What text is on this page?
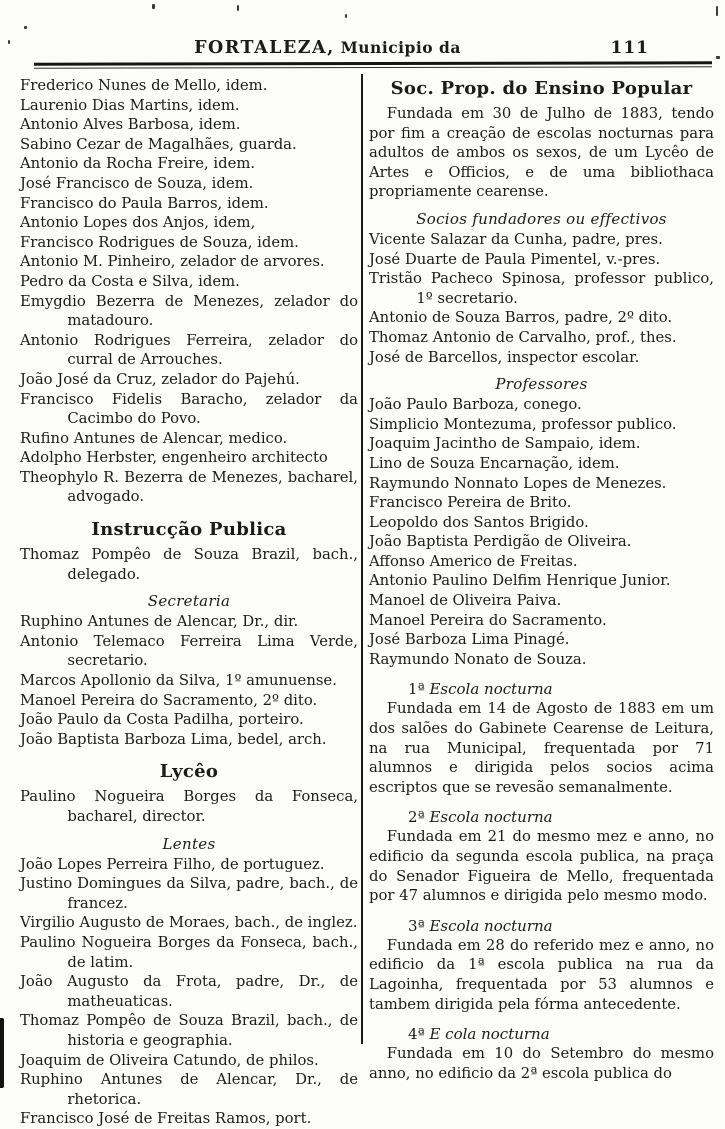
FORTALEZA, Municipio da	111

Frederico Nunes de Mello, idem.

Laurenio Dias Martins, idem.

Antonio Alves Barbosa, idem.

Sabino Cezar de Magalhães, guarda.

Antonio da Rocha Freire, idem.

José Francisco de Souza, idem.

Francisco do Paula Barros, idem.

Antonio Lopes dos Anjos, idem,

Francisco Rodrigues de Souza, idem.

Antonio M. Pinheiro, zelador de arvores.

Pedro da Costa e Silva, idem.

Emygdio Bezerra de Menezes, zelador do matadouro.

Antonio Rodrigues Ferreira, zelador do curral de Arrouches.

João José da Cruz, zelador do Pajehú.

Francisco Fidelis Baracho, zelador da Cacimbo do Povo.

Rufino Antunes de Alencar, medico.

Adolpho Herbster, engenheiro architecto

Theophylo R. Bezerra de Menezes, bacharel, advogado.

Instrucção Publica

Thomaz Pompêo de Souza Brazil, bach., delegado.

Secretaria

Ruphino Antunes de Alencar, Dr., dir.

Antonio Telemaco Ferreira Lima Verde, secretario.

Marcos Apollonio da Silva, 1º amunuense.

Manoel Pereira do Sacramento, 2º dito.

João Paulo da Costa Padilha, porteiro.

João Baptista Barboza Lima, bedel, arch.

Lycêo

Paulino Nogueira Borges da Fonseca, bacharel, director.

Lentes

João Lopes Perreira Filho, de portuguez.

Justino Domingues da Silva, padre, bach., de francez.

Virgilio Augusto de Moraes, bach., de inglez.

Paulino Nogueira Borges da Fonseca, bach., de latim.

João Augusto da Frota, padre, Dr., de matheuaticas.

Thomaz Pompêo de Souza Brazil, bach., de historia e geographia.

Joaquim de Oliveira Catundo, de philos.

Ruphino Antunes de Alencar, Dr., de rhetorica.

Francisco José de Freitas Ramos, port.

Soc. Prop. do Ensino Popular

Fundada em 30 de Julho de 1883, tendo por fim a creação de escolas nocturnas para adultos de ambos os sexos, de um Lycêo de Artes e Officios, e de uma bibliothaca propriamente cearense.

Socios fundadores ou effectivos

Vicente Salazar da Cunha, padre, pres.

José Duarte de Paula Pimentel, v.-pres.

Tristão Pacheco Spinosa, professor publico, 1º secretario.

Antonio de Souza Barros, padre, 2º dito.

Thomaz Antonio de Carvalho, prof., thes.

José de Barcellos, inspector escolar.

Professores

João Paulo Barboza, conego.

Simplicio Montezuma, professor publico.

Joaquim Jacintho de Sampaio, idem.

Lino de Souza Encarnação, idem.

Raymundo Nonnato Lopes de Menezes.

Francisco Pereira de Brito.

Leopoldo dos Santos Brigido.

João Baptista Perdigão de Oliveira.

Affonso Americo de Freitas.

Antonio Paulino Delfim Henrique Junior.

Manoel de Oliveira Paiva.

Manoel Pereira do Sacramento.

José Barboza Lima Pinagé.

Raymundo Nonato de Souza.

1ª Escola nocturna

Fundada em 14 de Agosto de 1883 em um dos salões do Gabinete Cearense de Leitura, na rua Municipal, frequentada por 71 alumnos e dirigida pelos socios acima escriptos que se revesão semanalmente.

2ª Escola nocturna

Fundada em 21 do mesmo mez e anno, no edificio da segunda escola publica, na praça do Senador Figueira de Mello, frequentada por 47 alumnos e dirigida pelo mesmo modo.

3ª Escola nocturna

Fundada em 28 do referido mez e anno, no edificio da 1ª escola publica na rua da Lagoinha, frequentada por 53 alumnos e tambem dirigida pela fórma antecedente.

4ª E cola nocturna

Fundada em 10 do Setembro do mesmo anno, no edificio da 2ª escola publica do
